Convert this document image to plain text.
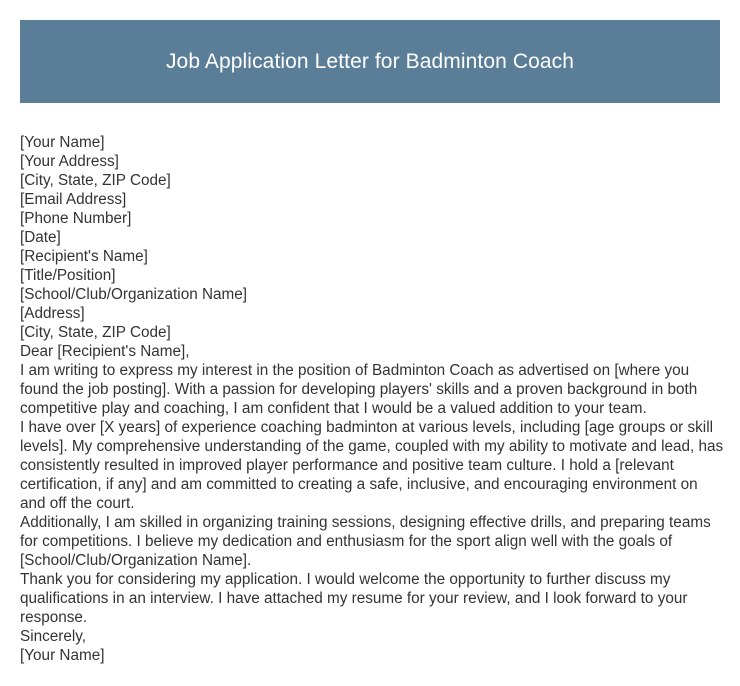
Job Application Letter for Badminton Coach
[Your Name]
[Your Address]
[City, State, ZIP Code]
[Email Address]
[Phone Number]
[Date]
[Recipient's Name]
[Title/Position]
[School/Club/Organization Name]
[Address]
[City, State, ZIP Code]
Dear [Recipient's Name],
I am writing to express my interest in the position of Badminton Coach as advertised on [where you found the job posting]. With a passion for developing players' skills and a proven background in both competitive play and coaching, I am confident that I would be a valued addition to your team.
I have over [X years] of experience coaching badminton at various levels, including [age groups or skill levels]. My comprehensive understanding of the game, coupled with my ability to motivate and lead, has consistently resulted in improved player performance and positive team culture. I hold a [relevant certification, if any] and am committed to creating a safe, inclusive, and encouraging environment on and off the court.
Additionally, I am skilled in organizing training sessions, designing effective drills, and preparing teams for competitions. I believe my dedication and enthusiasm for the sport align well with the goals of [School/Club/Organization Name].
Thank you for considering my application. I would welcome the opportunity to further discuss my qualifications in an interview. I have attached my resume for your review, and I look forward to your response.
Sincerely,
[Your Name]
